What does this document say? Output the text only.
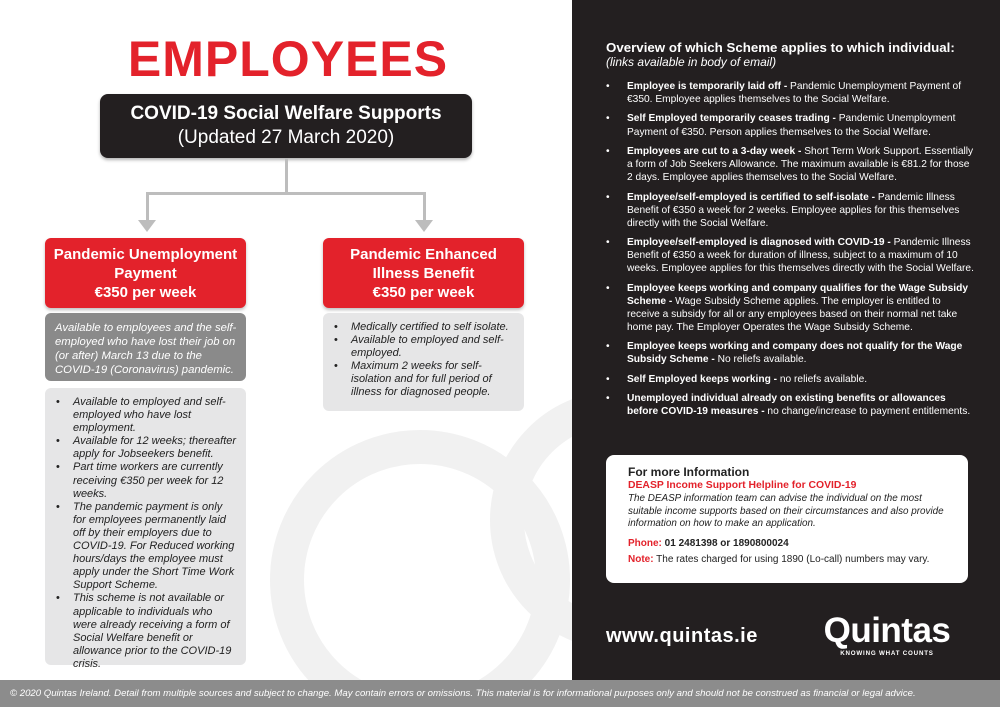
EMPLOYEES
COVID-19 Social Welfare Supports
(Updated 27 March 2020)
Pandemic Unemployment
Payment
€350 per week
Available to employees and the self-employed who have lost their job on (or after) March 13 due to the COVID-19 (Coronavirus) pandemic.
• Available to employed and self-employed who have lost employment.
• Available for 12 weeks; thereafter apply for Jobseekers benefit.
• Part time workers are currently receiving €350 per week for 12 weeks.
• The pandemic payment is only for employees permanently laid off by their employers due to COVID-19. For Reduced working hours/days the employee must apply under the Short Time Work Support Scheme.
• This scheme is not available or applicable to individuals who were already receiving a form of Social Welfare benefit or allowance prior to the COVID-19 crisis.
Pandemic Enhanced
Illness Benefit
€350 per week
• Medically certified to self isolate.
• Available to employed and self-employed.
• Maximum 2 weeks for self-isolation and for full period of illness for diagnosed people.
Overview of which Scheme applies to which individual:
(links available in body of email)
• Employee is temporarily laid off - Pandemic Unemployment Payment of €350. Employee applies themselves to the Social Welfare.
• Self Employed temporarily ceases trading - Pandemic Unemployment Payment of €350. Person applies themselves to the Social Welfare.
• Employees are cut to a 3-day week - Short Term Work Support. Essentially a form of Job Seekers Allowance. The maximum available is €81.2 for those 2 days. Employee applies themselves to the Social Welfare.
• Employee/self-employed is certified to self-isolate - Pandemic Illness Benefit of €350 a week for 2 weeks. Employee applies for this themselves directly with the Social Welfare.
• Employee/self-employed is diagnosed with COVID-19 - Pandemic Illness Benefit of €350 a week for duration of illness, subject to a maximum of 10 weeks. Employee applies for this themselves directly with the Social Welfare.
• Employee keeps working and company qualifies for the Wage Subsidy Scheme - Wage Subsidy Scheme applies. The employer is entitled to receive a subsidy for all or any employees based on their normal net take home pay. The Employer Operates the Wage Subsidy Scheme.
• Employee keeps working and company does not qualify for the Wage Subsidy Scheme - No reliefs available.
• Self Employed keeps working - no reliefs available.
• Unemployed individual already on existing benefits or allowances before COVID-19 measures - no change/increase to payment entitlements.
For more Information
DEASP Income Support Helpline for COVID-19
The DEASP information team can advise the individual on the most suitable income supports based on their circumstances and also provide information on how to make an application.
Phone: 01 2481398 or 1890800024
Note: The rates charged for using 1890 (Lo-call) numbers may vary.
www.quintas.ie	Quintas
KNOWING WHAT COUNTS
© 2020 Quintas Ireland. Detail from multiple sources and subject to change. May contain errors or omissions. This material is for informational purposes only and should not be construed as financial or legal advice.
